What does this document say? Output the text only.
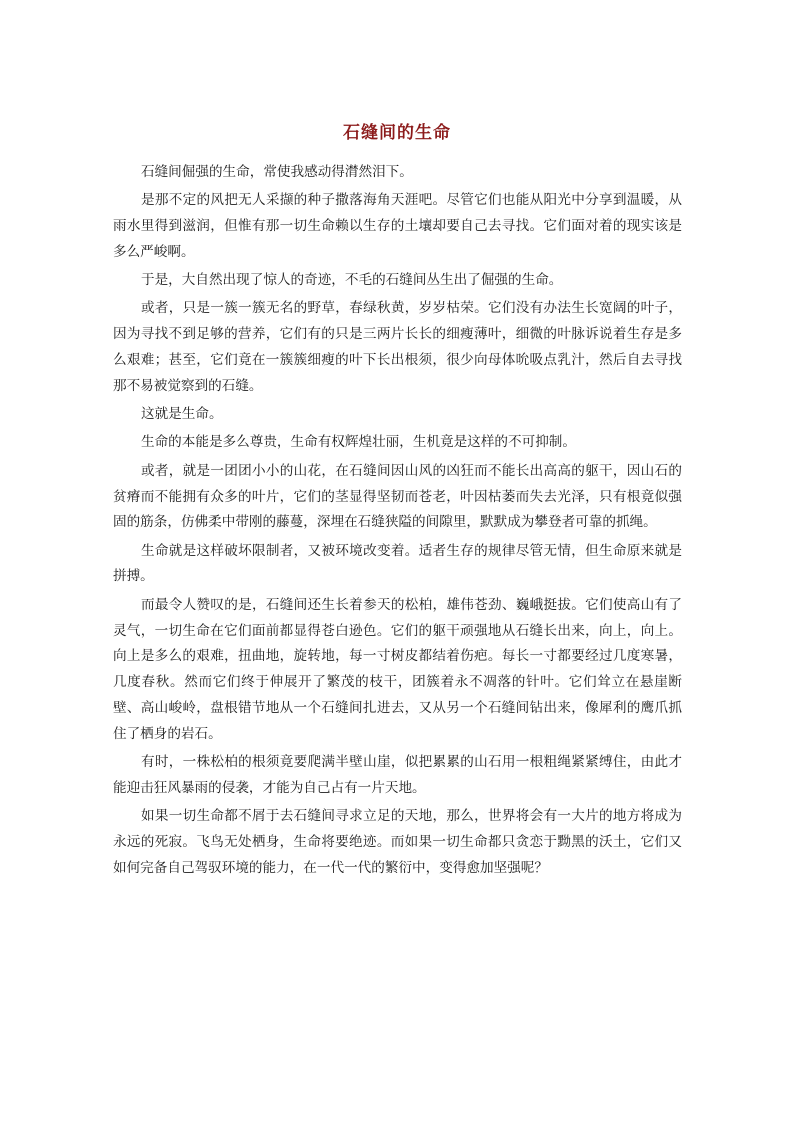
石缝间的生命

石缝间倔强的生命，常使我感动得潸然泪下。

是那不定的风把无人采撷的种子撒落海角天涯吧。尽管它们也能从阳光中分享到温暖，从雨水里得到滋润，但惟有那一切生命赖以生存的土壤却要自己去寻找。它们面对着的现实该是多么严峻啊。

于是，大自然出现了惊人的奇迹，不毛的石缝间丛生出了倔强的生命。

或者，只是一簇一簇无名的野草，春绿秋黄，岁岁枯荣。它们没有办法生长宽阔的叶子，因为寻找不到足够的营养，它们有的只是三两片长长的细瘦薄叶，细微的叶脉诉说着生存是多么艰难；甚至，它们竟在一簇簇细瘦的叶下长出根须，很少向母体吮吸点乳汁，然后自去寻找那不易被觉察到的石缝。

这就是生命。

生命的本能是多么尊贵，生命有权辉煌壮丽，生机竟是这样的不可抑制。

或者，就是一团团小小的山花，在石缝间因山风的凶狂而不能长出高高的躯干，因山石的贫瘠而不能拥有众多的叶片，它们的茎显得坚韧而苍老，叶因枯萎而失去光泽，只有根竟似强固的筋条，仿佛柔中带刚的藤蔓，深埋在石缝狭隘的间隙里，默默成为攀登者可靠的抓绳。

生命就是这样破坏限制者，又被环境改变着。适者生存的规律尽管无情，但生命原来就是拼搏。

而最令人赞叹的是，石缝间还生长着参天的松柏，雄伟苍劲、巍峨挺拔。它们使高山有了灵气，一切生命在它们面前都显得苍白逊色。它们的躯干顽强地从石缝长出来，向上，向上。向上是多么的艰难，扭曲地，旋转地，每一寸树皮都结着伤疤。每长一寸都要经过几度寒暑，几度春秋。然而它们终于伸展开了繁茂的枝干，团簇着永不凋落的针叶。它们耸立在悬崖断壁、高山峻岭，盘根错节地从一个石缝间扎进去，又从另一个石缝间钻出来，像犀利的鹰爪抓住了栖身的岩石。

有时，一株松柏的根须竟要爬满半壁山崖，似把累累的山石用一根粗绳紧紧缚住，由此才能迎击狂风暴雨的侵袭，才能为自己占有一片天地。

如果一切生命都不屑于去石缝间寻求立足的天地，那么，世界将会有一大片的地方将成为永远的死寂。飞鸟无处栖身，生命将要绝迹。而如果一切生命都只贪恋于黝黑的沃土，它们又如何完备自己驾驭环境的能力，在一代一代的繁衍中，变得愈加坚强呢？
